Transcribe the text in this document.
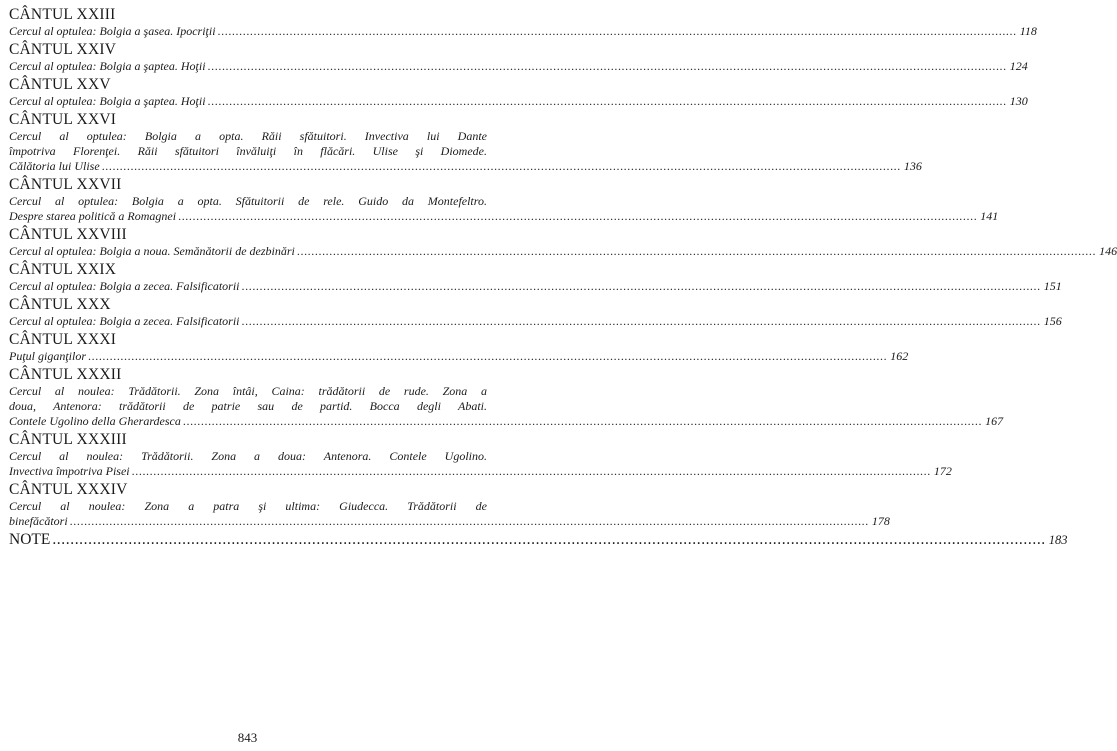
CÂNTUL XXIII
Cercul al optulea: Bolgia a şasea. Ipocriţii .....	118
CÂNTUL XXIV
Cercul al optulea: Bolgia a şaptea. Hoţii .....	124
CÂNTUL XXV
Cercul al optulea: Bolgia a şaptea. Hoţii .....	130
CÂNTUL XXVI
Cercul al optulea: Bolgia a opta. Răii sfătuitori. Invectiva lui Dante
împotriva Florenţei. Răii sfătuitori învăluiţi în flăcări. Ulise şi Diomede.
Călătoria lui Ulise .....	136
CÂNTUL XXVII
Cercul al optulea: Bolgia a opta. Sfătuitorii de rele. Guido da Montefeltro.
Despre starea politică a Romagnei .....	141
CÂNTUL XXVIII
Cercul al optulea: Bolgia a noua. Semănătorii de dezbinări .....	146
CÂNTUL XXIX
Cercul al optulea: Bolgia a zecea. Falsificatorii .....	151
CÂNTUL XXX
Cercul al optulea: Bolgia a zecea. Falsificatorii .....	156
CÂNTUL XXXI
Puţul giganţilor .....	162
CÂNTUL XXXII
Cercul al noulea: Trădătorii. Zona întâi, Caina: trădătorii de rude. Zona a
doua, Antenora: trădătorii de patrie sau de partid. Bocca degli Abati.
Contele Ugolino della Gherardesca .....	167
CÂNTUL XXXIII
Cercul al noulea: Trădătorii. Zona a doua: Antenora. Contele Ugolino.
Invectiva împotriva Pisei .....	172
CÂNTUL XXXIV
Cercul al noulea: Zona a patra şi ultima: Giudecca. Trădătorii de
binefăcători .....	178
NOTE .....	183
843
